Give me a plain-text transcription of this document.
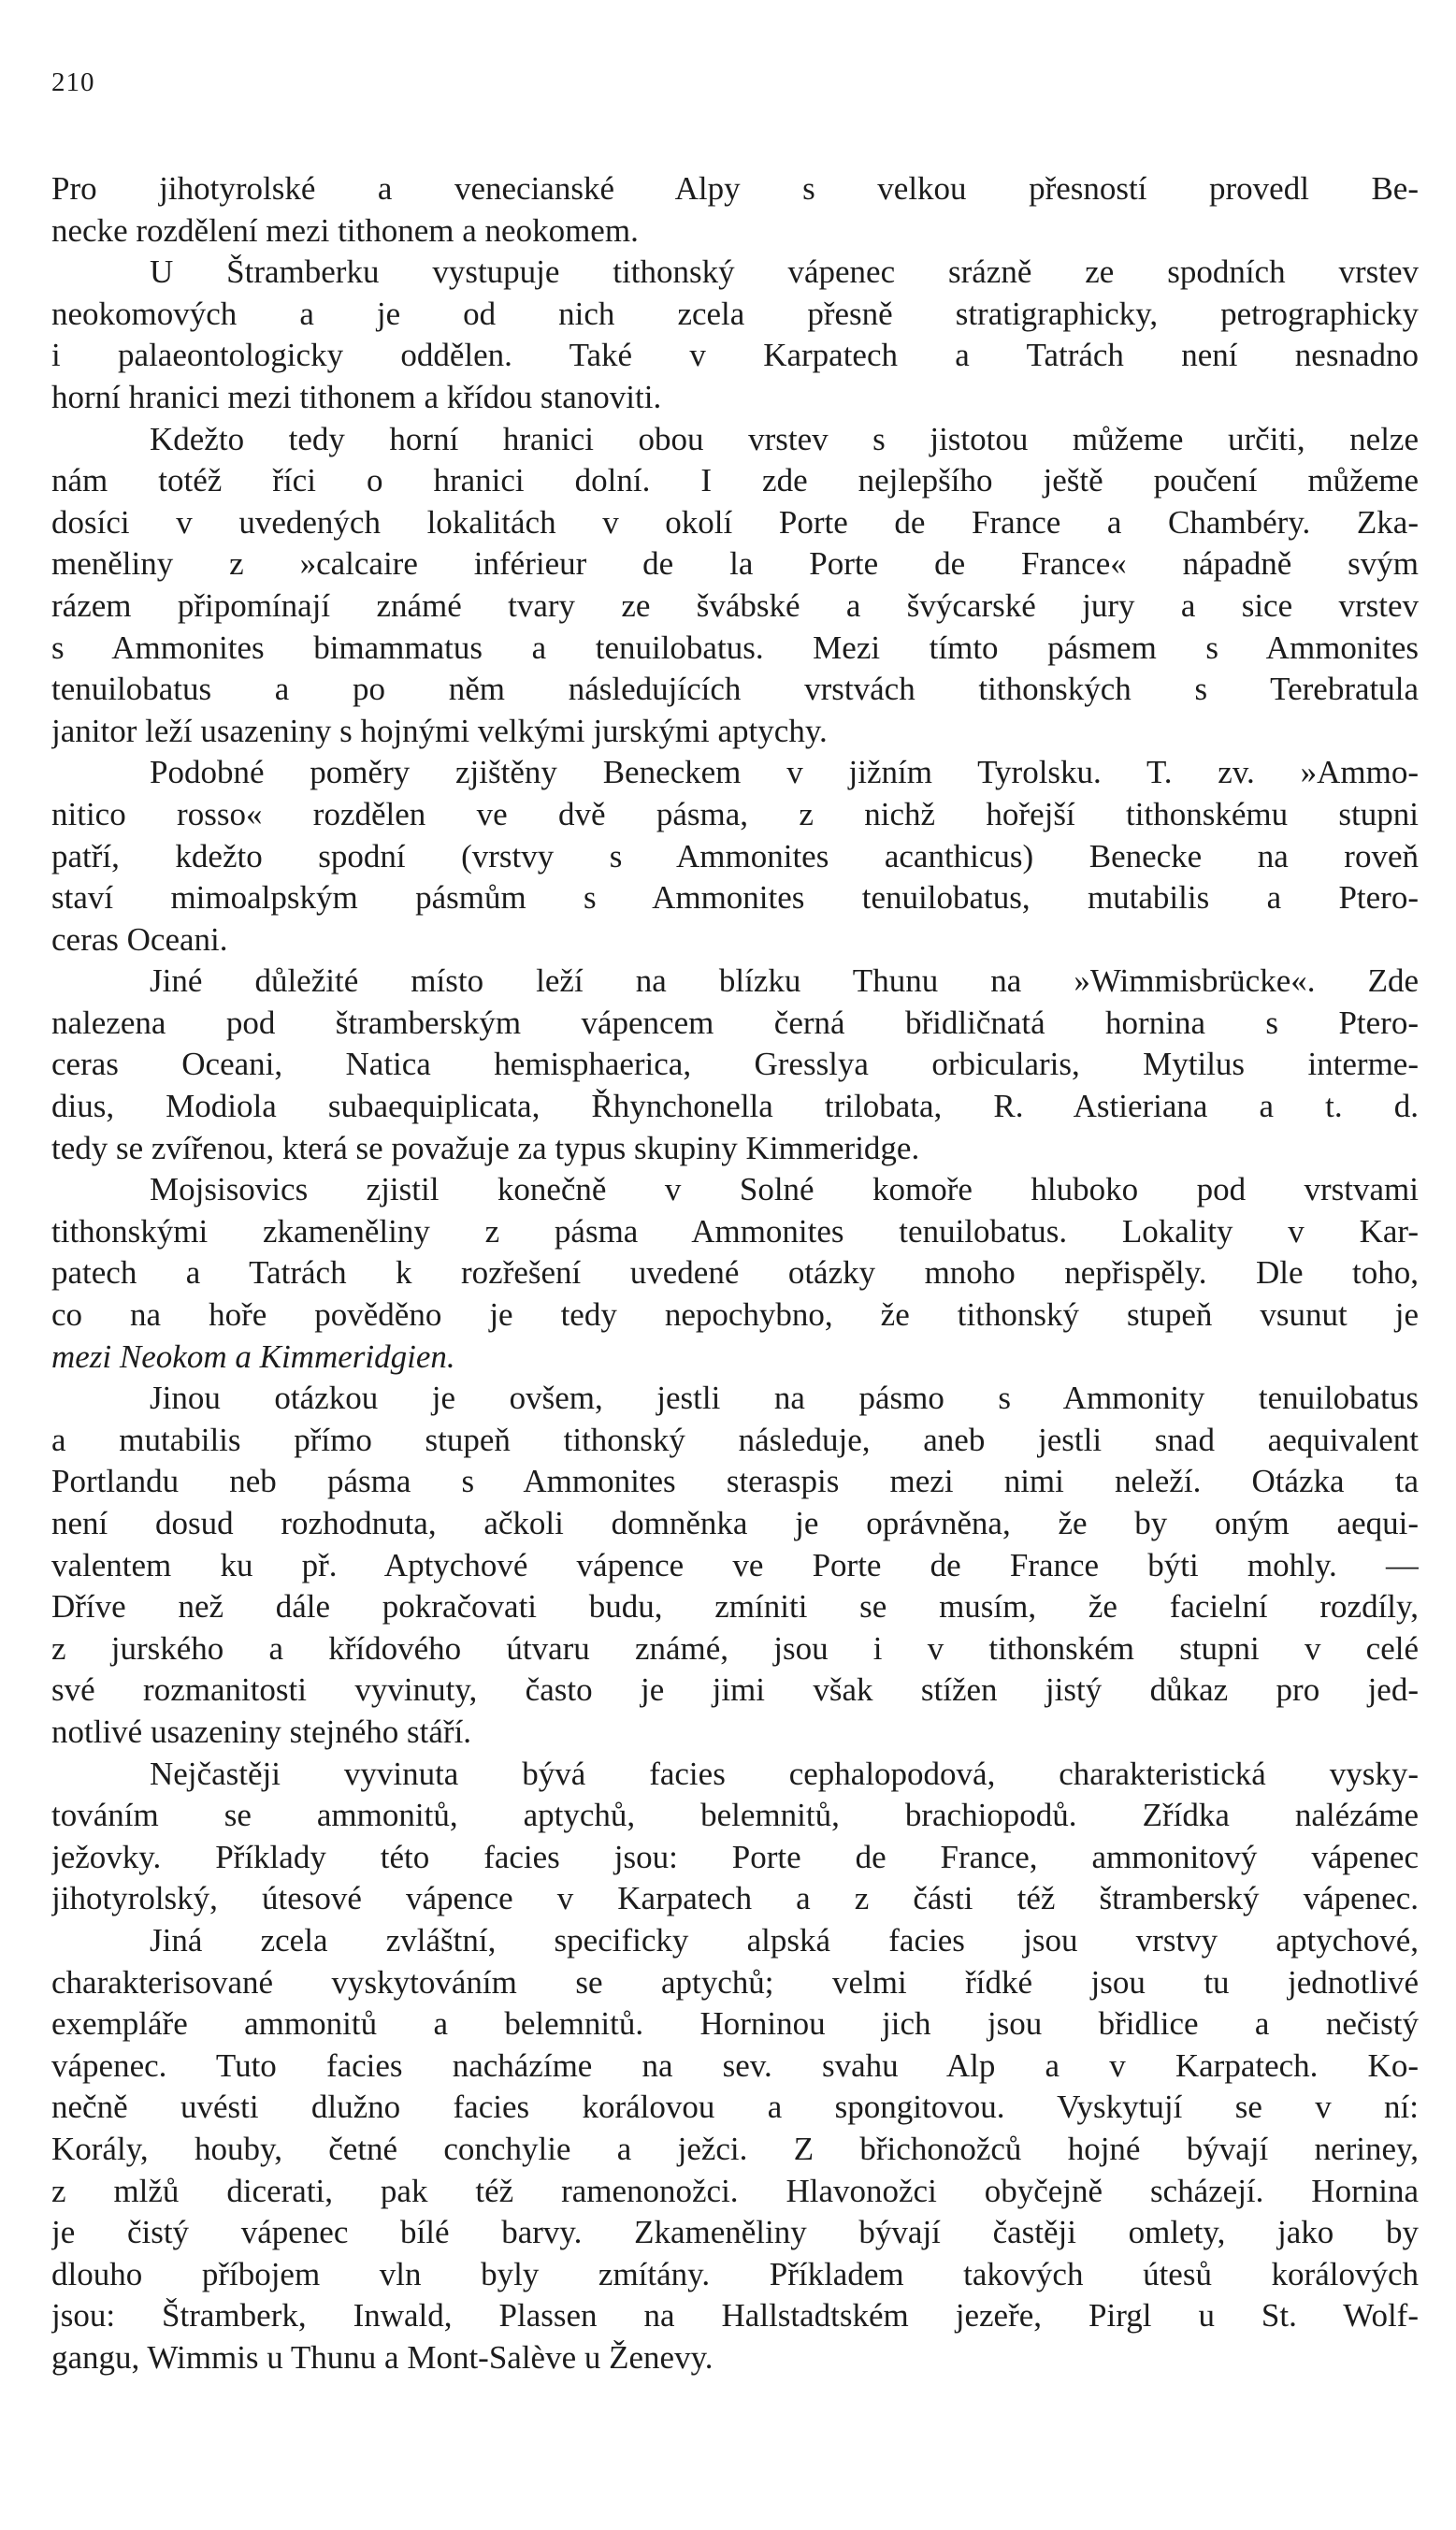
210
Pro jihotyrolské a venecianské Alpy s velkou přesností provedl Be-
necke rozdělení mezi tithonem a neokomem.
U Štramberku vystupuje tithonský vápenec srázně ze spodních vrstev
neokomových a je od nich zcela přesně stratigraphicky, petrographicky
i palaeontologicky oddělen. Také v Karpatech a Tatrách není nesnadno
horní hranici mezi tithonem a křídou stanoviti.
Kdežto tedy horní hranici obou vrstev s jistotou můžeme určiti, nelze
nám totéž říci o hranici dolní. I zde nejlepšího ještě poučení můžeme
dosíci v uvedených lokalitách v okolí Porte de France a Chambéry. Zka-
meněliny z »calcaire inférieur de la Porte de France« nápadně svým
rázem připomínají známé tvary ze švábské a švýcarské jury a sice vrstev
s Ammonites bimammatus a tenuilobatus. Mezi tímto pásmem s Ammonites
tenuilobatus a po něm následujících vrstvách tithonských s Terebratula
janitor leží usazeniny s hojnými velkými jurskými aptychy.
Podobné poměry zjištěny Beneckem v jižním Tyrolsku. T. zv. »Ammo-
nitico rosso« rozdělen ve dvě pásma, z nichž hořejší tithonskému stupni
patří, kdežto spodní (vrstvy s Ammonites acanthicus) Benecke na roveň
staví mimoalpským pásmům s Ammonites tenuilobatus, mutabilis a Ptero-
ceras Oceani.
Jiné důležité místo leží na blízku Thunu na »Wimmisbrücke«. Zde
nalezena pod štramberským vápencem černá břidličnatá hornina s Ptero-
ceras Oceani, Natica hemisphaerica, Gresslya orbicularis, Mytilus interme-
dius, Modiola subaequiplicata, Řhynchonella trilobata, R. Astieriana a t. d.
tedy se zvířenou, která se považuje za typus skupiny Kimmeridge.
Mojsisovics zjistil konečně v Solné komoře hluboko pod vrstvami
tithonskými zkameněliny z pásma Ammonites tenuilobatus. Lokality v Kar-
patech a Tatrách k rozřešení uvedené otázky mnoho nepřispěly. Dle toho,
co na hoře pověděno je tedy nepochybno, že tithonský stupeň vsunut je
mezi Neokom a Kimmeridgien.
Jinou otázkou je ovšem, jestli na pásmo s Ammonity tenuilobatus
a mutabilis přímo stupeň tithonský následuje, aneb jestli snad aequivalent
Portlandu neb pásma s Ammonites steraspis mezi nimi neleží. Otázka ta
není dosud rozhodnuta, ačkoli domněnka je oprávněna, že by oným aequi-
valentem ku př. Aptychové vápence ve Porte de France býti mohly. —
Dříve než dále pokračovati budu, zmíniti se musím, že facielní rozdíly,
z jurského a křídového útvaru známé, jsou i v tithonském stupni v celé
své rozmanitosti vyvinuty, často je jimi však stížen jistý důkaz pro jed-
notlivé usazeniny stejného stáří.
Nejčastěji vyvinuta bývá facies cephalopodová, charakteristická vysky-
továním se ammonitů, aptychů, belemnitů, brachiopodů. Zřídka nalézáme
ježovky. Příklady této facies jsou: Porte de France, ammonitový vápenec
jihotyrolský, útesové vápence v Karpatech a z části též štramberský vápenec.
Jiná zcela zvláštní, specificky alpská facies jsou vrstvy aptychové,
charakterisované vyskytováním se aptychů; velmi řídké jsou tu jednotlivé
exempláře ammonitů a belemnitů. Horninou jich jsou břidlice a nečistý
vápenec. Tuto facies nacházíme na sev. svahu Alp a v Karpatech. Ko-
nečně uvésti dlužno facies korálovou a spongitovou. Vyskytují se v ní:
Korály, houby, četné conchylie a ježci. Z břichonožců hojné bývají neriney,
z mlžů dicerati, pak též ramenonožci. Hlavonožci obyčejně scházejí. Hornina
je čistý vápenec bílé barvy. Zkameněliny bývají častěji omlety, jako by
dlouho příbojem vln byly zmítány. Příkladem takových útesů korálových
jsou: Štramberk, Inwald, Plassen na Hallstadtském jezeře, Pirgl u St. Wolf-
gangu, Wimmis u Thunu a Mont-Salève u Ženevy.
